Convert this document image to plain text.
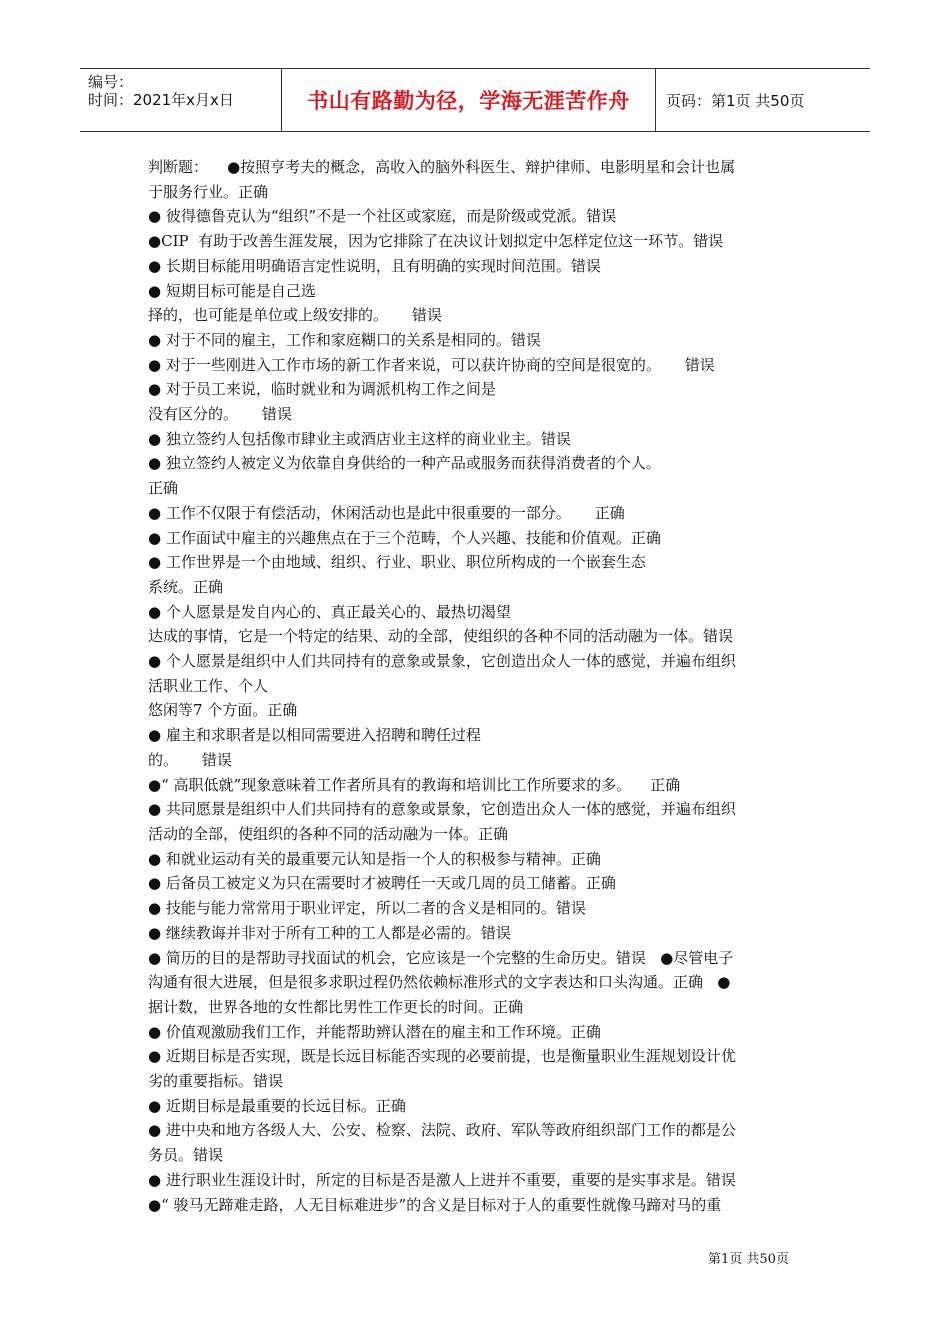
编号：
时间：2021年x月x日	书山有路勤为径，学海无涯苦作舟 页码：第1页 共50页

判断题：    ●按照亨考夫的概念，高收入的脑外科医生、辩护律师、电影明星和会计也属

于服务行业。正确

● 彼得德鲁克认为“组织”不是一个社区或家庭，而是阶级或党派。错误

●CIP  有助于改善生涯发展，因为它排除了在决议计划拟定中怎样定位这一环节。错误

● 长期目标能用明确语言定性说明，且有明确的实现时间范围。错误

● 短期目标可能是自己选

择的，也可能是单位或上级安排的。     错误

● 对于不同的雇主，工作和家庭糊口的关系是相同的。错误

● 对于一些刚进入工作市场的新工作者来说，可以获许协商的空间是很宽的。     错误

● 对于员工来说，临时就业和为调派机构工作之间是

没有区分的。     错误

● 独立签约人包括像市肆业主或酒店业主这样的商业业主。错误

● 独立签约人被定义为依靠自身供给的一种产品或服务而获得消费者的个人。

正确

● 工作不仅限于有偿活动，休闲活动也是此中很重要的一部分。     正确

● 工作面试中雇主的兴趣焦点在于三个范畴，个人兴趣、技能和价值观。正确

● 工作世界是一个由地域、组织、行业、职业、职位所构成的一个嵌套生态

系统。正确

● 个人愿景是发自内心的、真正最关心的、最热切渴望

达成的事情，它是一个特定的结果、动的全部，使组织的各种不同的活动融为一体。错误

● 个人愿景是组织中人们共同持有的意象或景象，它创造出众人一体的感觉，并遍布组织

活职业工作、个人

悠闲等7 个方面。正确

● 雇主和求职者是以相同需要进入招聘和聘任过程

的。     错误

●“ 高职低就”现象意味着工作者所具有的教诲和培训比工作所要求的多。    正确

● 共同愿景是组织中人们共同持有的意象或景象，它创造出众人一体的感觉，并遍布组织

活动的全部，使组织的各种不同的活动融为一体。正确

● 和就业运动有关的最重要元认知是指一个人的积极参与精神。正确

● 后备员工被定义为只在需要时才被聘任一天或几周的员工储蓄。正确

● 技能与能力常常用于职业评定，所以二者的含义是相同的。错误

● 继续教诲并非对于所有工种的工人都是必需的。错误

● 简历的目的是帮助寻找面试的机会，它应该是一个完整的生命历史。错误   ●尽管电子

沟通有很大进展，但是很多求职过程仍然依赖标准形式的文字表达和口头沟通。正确   ●

据计数，世界各地的女性都比男性工作更长的时间。正确

● 价值观激励我们工作，并能帮助辨认潜在的雇主和工作环境。正确

● 近期目标是否实现，既是长远目标能否实现的必要前提，也是衡量职业生涯规划设计优

劣的重要指标。错误

● 近期目标是最重要的长远目标。正确

● 进中央和地方各级人大、公安、检察、法院、政府、军队等政府组织部门工作的都是公

务员。错误

● 进行职业生涯设计时，所定的目标是否是激人上进并不重要，重要的是实事求是。错误

●“ 骏马无蹄难走路，人无目标难进步”的含义是目标对于人的重要性就像马蹄对马的重

第1页 共50页
